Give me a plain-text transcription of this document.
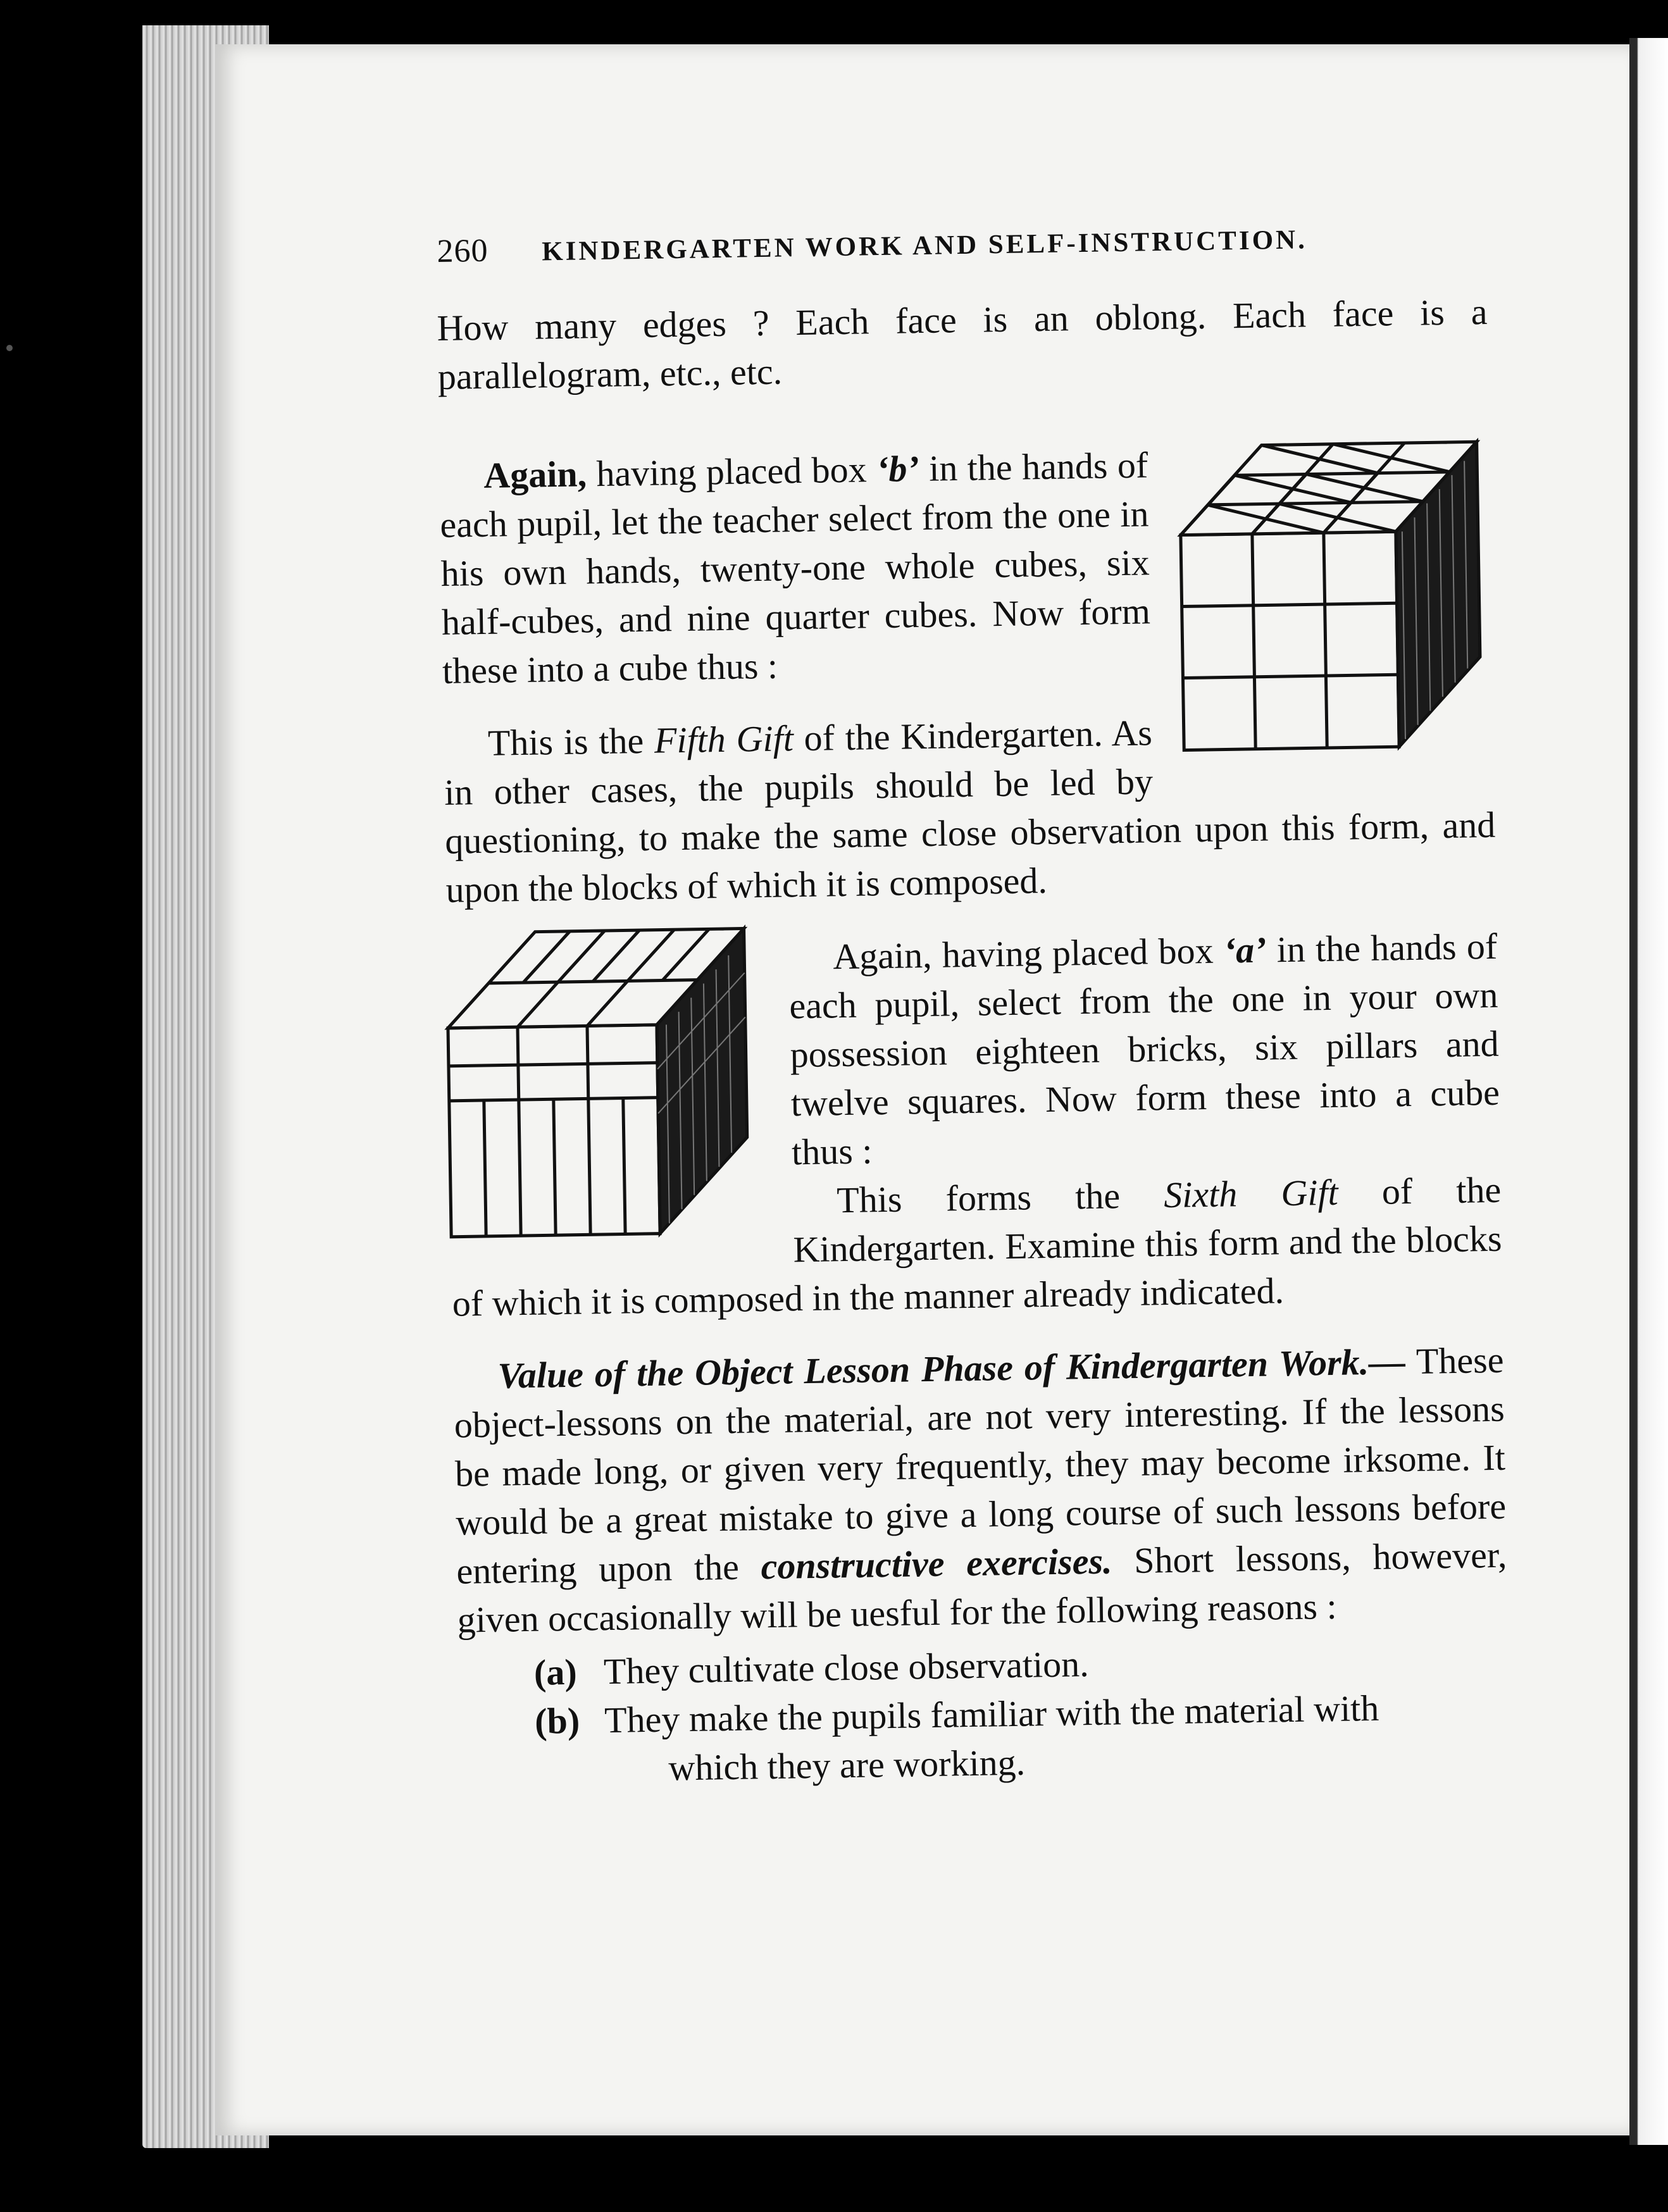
260 KINDERGARTEN WORK AND SELF-INSTRUCTION.

How many edges ? Each face is an oblong. Each face is a parallelogram, etc., etc.

Again, having placed box ‘b’ in the hands of each pupil, let the teacher select from the one in his own hands, twenty-one whole cubes, six half-cubes, and nine quarter cubes. Now form these into a cube thus :

This is the Fifth Gift of the Kindergarten. As in other cases, the pupils should be led by questioning, to make the same close observation upon this form, and upon the blocks of which it is composed.

Again, having placed box ‘a’ in the hands of each pupil, select from the one in your own possession eighteen bricks, six pillars and twelve squares. Now form these into a cube thus :

This forms the Sixth Gift of the Kindergarten. Examine this form and the blocks of which it is composed in the manner already indicated.

Value of the Object Lesson Phase of Kindergarten Work.— These object-lessons on the material, are not very interesting. If the lessons be made long, or given very frequently, they may become irksome. It would be a great mistake to give a long course of such lessons before entering upon the constructive exercises. Short lessons, however, given occasionally will be uesful for the following reasons :

(a) They cultivate close observation.
(b) They make the pupils familiar with the material with
which they are working.
